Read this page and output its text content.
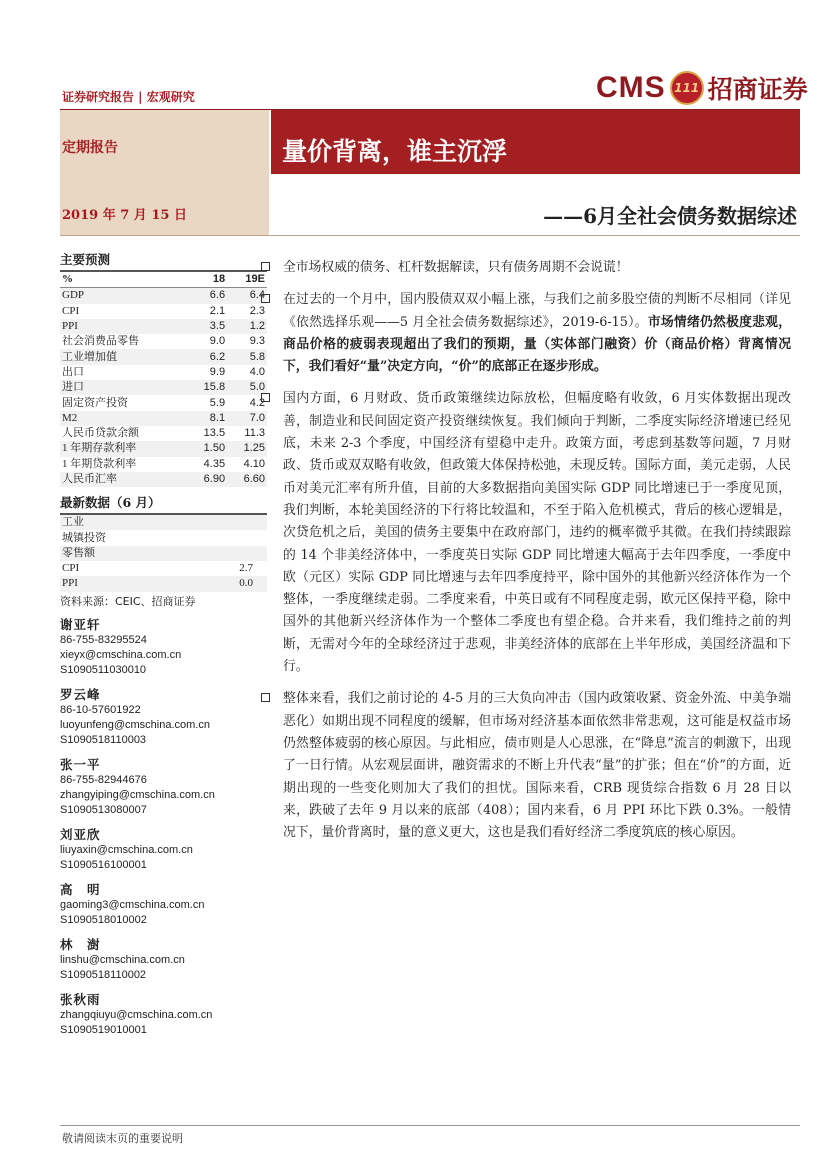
证券研究报告 | 宏观研究	CMS 111 招商证券
定期报告	量价背离，谁主沉浮
2019 年 7 月 15 日	——6月全社会债务数据综述
主要预测
%	18	19E
GDP	6.6	6.4
CPI	2.1	2.3
PPI	3.5	1.2
社会消费品零售	9.0	9.3
工业增加值	6.2	5.8
出口	9.9	4.0
进口	15.8	5.0
固定资产投资	5.9	4.2
M2	8.1	7.0
人民币贷款余额	13.5	11.3
1 年期存款利率	1.50	1.25
1 年期贷款利率	4.35	4.10
人民币汇率	6.90	6.60
最新数据（6 月）
工业	
城镇投资	
零售额	
CPI	2.7
PPI	0.0
资料来源：CEIC、招商证券
谢亚轩
86-755-83295524
xieyx@cmschina.com.cn
S1090511030010
罗云峰
86-10-57601922
luoyunfeng@cmschina.com.cn
S1090518110003
张一平
86-755-82944676
zhangyiping@cmschina.com.cn
S1090513080007
刘亚欣
liuyaxin@cmschina.com.cn
S1090516100001
高　明
gaoming3@cmschina.com.cn
S1090518010002
林　澍
linshu@cmschina.com.cn
S1090518110002
张秋雨
zhangqiuyu@cmschina.com.cn
S1090519010001
全市场权威的债务、杠杆数据解读，只有债务周期不会说谎！
在过去的一个月中，国内股债双双小幅上涨，与我们之前多股空债的判断不尽相同（详见《依然选择乐观——5 月全社会债务数据综述》，2019-6-15）。市场情绪仍然极度悲观，商品价格的疲弱表现超出了我们的预期，量（实体部门融资）价（商品价格）背离情况下，我们看好“量”决定方向，“价”的底部正在逐步形成。
国内方面，6 月财政、货币政策继续边际放松，但幅度略有收敛，6 月实体数据出现改善，制造业和民间固定资产投资继续恢复。我们倾向于判断，二季度实际经济增速已经见底，未来 2-3 个季度，中国经济有望稳中走升。政策方面，考虑到基数等问题，7 月财政、货币或双双略有收敛，但政策大体保持松弛，未现反转。国际方面，美元走弱，人民币对美元汇率有所升值，目前的大多数据指向美国实际 GDP 同比增速已于一季度见顶，我们判断，本轮美国经济的下行将比较温和，不至于陷入危机模式，背后的核心逻辑是，次贷危机之后，美国的债务主要集中在政府部门，违约的概率微乎其微。在我们持续跟踪的 14 个非美经济体中，一季度英日实际 GDP 同比增速大幅高于去年四季度，一季度中欧（元区）实际 GDP 同比增速与去年四季度持平，除中国外的其他新兴经济体作为一个整体，一季度继续走弱。二季度来看，中英日或有不同程度走弱，欧元区保持平稳，除中国外的其他新兴经济体作为一个整体二季度也有望企稳。合并来看，我们维持之前的判断，无需对今年的全球经济过于悲观，非美经济体的底部在上半年形成，美国经济温和下行。
整体来看，我们之前讨论的 4-5 月的三大负向冲击（国内政策收紧、资金外流、中美争端恶化）如期出现不同程度的缓解，但市场对经济基本面依然非常悲观，这可能是权益市场仍然整体疲弱的核心原因。与此相应，债市则是人心思涨，在“降息”流言的刺激下，出现了一日行情。从宏观层面讲，融资需求的不断上升代表“量”的扩张；但在“价”的方面，近期出现的一些变化则加大了我们的担忧。国际来看，CRB 现货综合指数 6 月 28 日以来，跌破了去年 9 月以来的底部（408）；国内来看，6 月 PPI 环比下跌 0.3%。一般情况下，量价背离时，量的意义更大，这也是我们看好经济二季度筑底的核心原因。
敬请阅读末页的重要说明
